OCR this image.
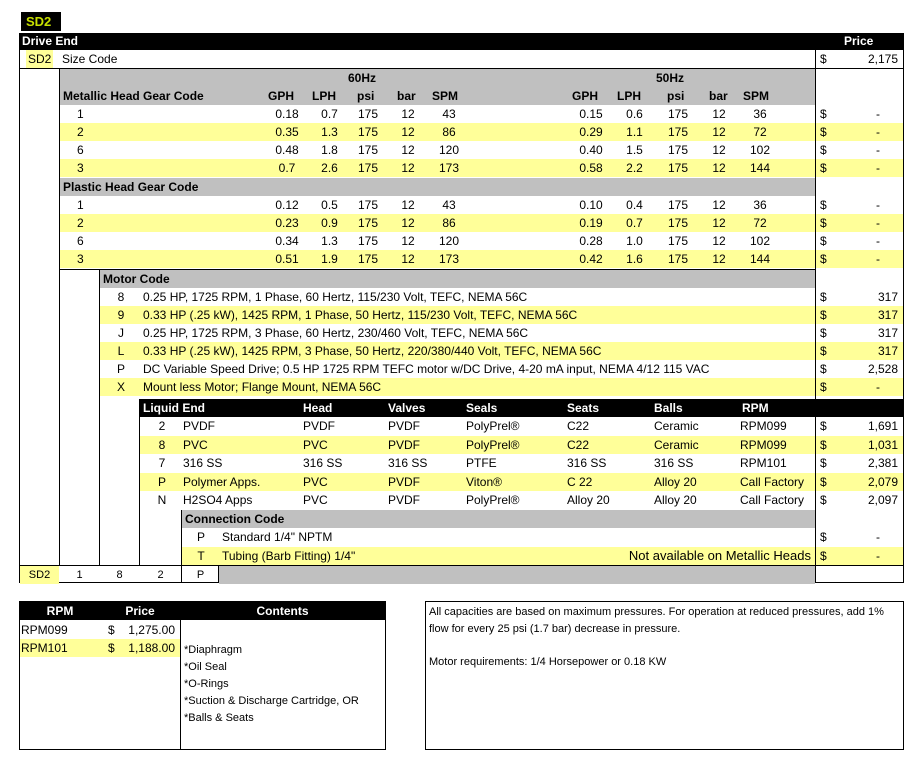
SD2
Drive End	Price
SD2 Size Code	$	2,175
60Hz	50Hz
Metallic Head Gear Code	GPH LPH psi bar SPM	GPH LPH psi bar SPM
1	0.18	0.7	175	12	43	0.15	0.6	175	12	36	$	-
2	0.35	1.3	175	12	86	0.29	1.1	175	12	72	$	-
6	0.48	1.8	175	12	120	0.40	1.5	175	12	102	$	-
3	0.7	2.6	175	12	173	0.58	2.2	175	12	144	$	-
Plastic Head Gear Code
1	0.12	0.5	175	12	43	0.10	0.4	175	12	36	$	-
2	0.23	0.9	175	12	86	0.19	0.7	175	12	72	$	-
6	0.34	1.3	175	12	120	0.28	1.0	175	12	102	$	-
3	0.51	1.9	175	12	173	0.42	1.6	175	12	144	$	-
Motor Code
8	0.25 HP, 1725 RPM, 1 Phase, 60 Hertz, 115/230 Volt, TEFC, NEMA 56C	$	317
9	0.33 HP (.25 kW), 1425 RPM, 1 Phase, 50 Hertz, 115/230 Volt, TEFC, NEMA 56C	$	317
J	0.25 HP, 1725 RPM, 3 Phase, 60 Hertz, 230/460 Volt, TEFC, NEMA 56C	$	317
L	0.33 HP (.25 kW), 1425 RPM, 3 Phase, 50 Hertz, 220/380/440 Volt, TEFC, NEMA 56C	$	317
P	DC Variable Speed Drive; 0.5 HP 1725 RPM TEFC motor w/DC Drive, 4-20 mA input, NEMA 4/12 115 VAC	$	2,528
X	Mount less Motor; Flange Mount, NEMA 56C	$	-
Liquid End	Head	Valves	Seals	Seats	Balls	RPM
2	PVDF	PVDF	PVDF	PolyPrel®	C22	Ceramic	RPM099	$	1,691
8	PVC	PVC	PVDF	PolyPrel®	C22	Ceramic	RPM099	$	1,031
7	316 SS	316 SS	316 SS	PTFE	316 SS	316 SS	RPM101	$	2,381
P	Polymer Apps.	PVC	PVDF	Viton®	C 22	Alloy 20	Call Factory $	2,079
N	H2SO4 Apps	PVC	PVDF	PolyPrel®	Alloy 20	Alloy 20	Call Factory $	2,097
Connection Code
P Standard 1/4" NPTM	$	-
T Tubing (Barb Fitting) 1/4"	Not available on Metallic Heads $	-
SD2	1	8	2	P
RPM	Price	Contents
RPM099	$	1,275.00
RPM101	$	1,188.00 *Diaphragm
*Oil Seal
*O-Rings
*Suction & Discharge Cartridge, OR
*Balls & Seats
All capacities are based on maximum pressures. For operation at reduced pressures, add 1% flow for every 25 psi (1.7 bar) decrease in pressure.
Motor requirements: 1/4 Horsepower or 0.18 KW
